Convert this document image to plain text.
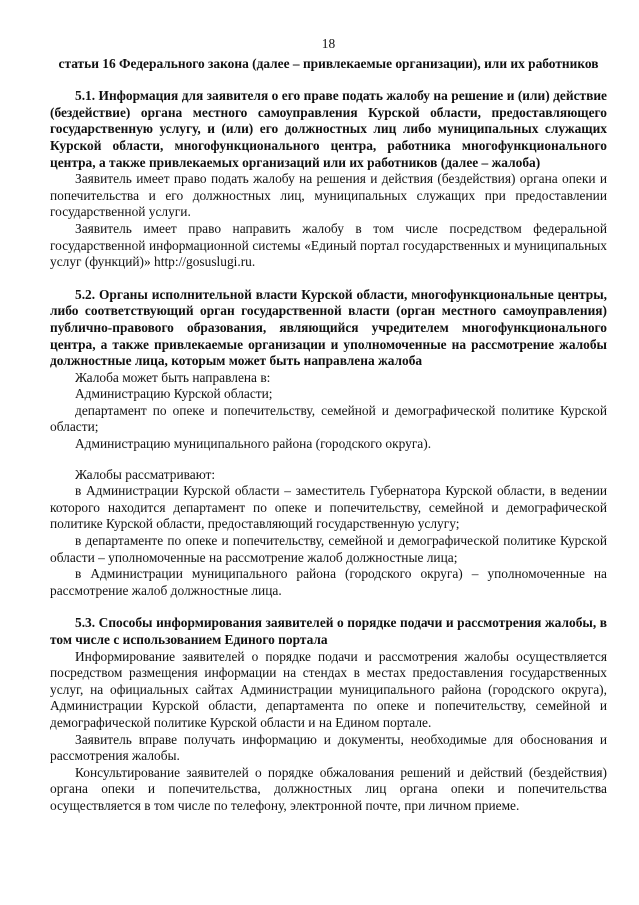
18

статьи 16 Федерального закона (далее – привлекаемые организации), или их работников

5.1. Информация для заявителя о его праве подать жалобу на решение и (или) действие (бездействие) органа местного самоуправления Курской области, предоставляющего государственную услугу, и (или) его должностных лиц либо муниципальных служащих Курской области, многофункционального центра, работника многофункционального центра, а также привлекаемых организаций или их работников (далее – жалоба)

Заявитель имеет право подать жалобу на решения и действия (бездействия) органа опеки и попечительства и его должностных лиц, муниципальных служащих при предоставлении государственной услуги.

Заявитель имеет право направить жалобу в том числе посредством федеральной государственной информационной системы «Единый портал государственных и муниципальных услуг (функций)» http://gosuslugi.ru.

5.2. Органы исполнительной власти Курской области, многофункциональные центры, либо соответствующий орган государственной власти (орган местного самоуправления) публично-правового образования, являющийся учредителем многофункционального центра, а также привлекаемые организации и уполномоченные на рассмотрение жалобы должностные лица, которым может быть направлена жалоба

Жалоба может быть направлена в:

Администрацию Курской области;

департамент по опеке и попечительству, семейной и демографической политике Курской области;

Администрацию муниципального района (городского округа).

Жалобы рассматривают:

в Администрации Курской области – заместитель Губернатора Курской области, в ведении которого находится департамент по опеке и попечительству, семейной и демографической политике Курской области, предоставляющий государственную услугу;

в департаменте по опеке и попечительству, семейной и демографической политике Курской области – уполномоченные на рассмотрение жалоб должностные лица;

в Администрации муниципального района (городского округа) – уполномоченные на рассмотрение жалоб должностные лица.

5.3. Способы информирования заявителей о порядке подачи и рассмотрения жалобы, в том числе с использованием Единого портала

Информирование заявителей о порядке подачи и рассмотрения жалобы осуществляется посредством размещения информации на стендах в местах предоставления государственных услуг, на официальных сайтах Администрации муниципального района (городского округа), Администрации Курской области, департамента по опеке и попечительству, семейной и демографической политике Курской области и на Едином портале.

Заявитель вправе получать информацию и документы, необходимые для обоснования и рассмотрения жалобы.

Консультирование заявителей о порядке обжалования решений и действий (бездействия) органа опеки и попечительства, должностных лиц органа опеки и попечительства осуществляется в том числе по телефону, электронной почте, при личном приеме.
